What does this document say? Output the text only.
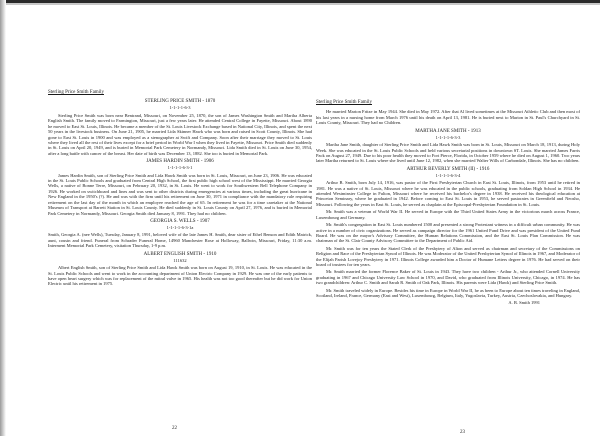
Sterling Price Smith Family
STERLING PRICE SMITH - 1870
1-1-1-1-6-3

Sterling Price Smith was born near Bentrand, Missouri, on November 25, 1870, the son of James Washington Smith and Martha Alberta English Smith. The family moved to Farmington, Missouri, just a few years later. He attended Central College in Fayette, Missouri. About 1890 he moved to East St. Louis, Illinois. He became a member of the St. Louis Livestock Exchange based in National City, Illinois, and spent the next 50 years in the livestock business. On June 21, 1905, he married Lida Skinner Hawk who was born and raised in Scott County, Illinois. She had gone to East St. Louis in 1900 and was employed as a stenographer at Swift and Company. Soon after their marriage they moved to St. Louis where they lived all the rest of their lives except for a brief period in World War I when they lived in Fayette, Missouri. Price Smith died suddenly in St. Louis on April 20, 1949, and is buried in Memorial Park Cemetery in Normandy, Missouri. Lida Smith died in St. Louis on June 30, 1954, after a long battle with cancer of the breast. Her date of birth was December 13, 1882. She too is buried in Memorial Park.

JAMES HARDIN SMITH - 1906
1-1-1-1-6-3-1

James Hardin Smith, son of Sterling Price Smith and Lida Hawk Smith was born in St. Louis, Missouri, on June 23, 1906. He was educated in the St. Louis Public Schools and graduated from Central High School, the first public high school west of the Mississippi. He married Georgia Wells, a native of Bonne Terre, Missouri, on February 20, 1932, in St. Louis. He went to work for Southwestern Bell Telephone Company in 1926. He worked on switchboard and lines and was sent to other districts during emergencies at various times, including the great hurricane in New England in the 1950's (?). He and was with the firm until his retirement on June 30, 1971 in compliance with the mandatory rule requiring retirement on the last day of the month in which an employee reached the age of 65. In retirement he was for a time caretaker at the National Museum of Transport at Barrett Station in St. Louis County. He died suddenly in St. Louis County on April 27, 1976, and is buried in Memorial Park Cemetery in Normandy, Missouri. Georgia Smith died January 8, 1991. They had no children.

GEORGIA S. WELLS - 1907
1-1-1-1-6-3-1a

Smith, Georgia A. (nee Wells), Tuesday, January 8, 1991, beloved wife of the late James H. Smith, dear sister of Ethel Benson and Edith Matrick, aunt, cousin and friend. Funeral from Schrader Funeral Home, 14960 Manchester Rose at Holloway, Ballwin, Missouri, Friday, 11:30 a.m. Interment Memorial Park Cemetery, visitation Thursday, 1-9 p.m.

ALBERT ENGLISH SMITH - 1910
111632

Albert English Smith, son of Sterling Price Smith and Lida Hawk Smith was born on August 19, 1910, in St. Louis. He was educated in the St. Louis Public Schools and went to work in the accounting department of Union Electric Company in 1929. He was one of the early patients to have open heart surgery which was for replacement of the mitral valve in 1965. His health was not too good thereafter but he did work for Union Electric until his retirement in 1975.

22
Sterling Price Smith Family

He married Marion Fritze in May 1944. She died in May 1972. After that Al lived sometimes at the Missouri Athletic Club and then most of his last years in a nursing home from March 1976 until his death on April 13, 1981. He is buried next to Marion in St. Paul's Churchyard in St. Louis County, Missouri. They had no Children.

MARTHA JANE SMITH - 1913
1-1-1-1-6-3-3

Martha Jane Smith, daughter of Sterling Price Smith and Lida Hawk Smith was born in St. Louis, Missouri on March 18, 1913, during Holy Week. She was educated in the St. Louis Public Schools and held various secretarial positions in downtown ST. Louis. She married James Farris Pack on August 27, 1949. Due to his poor health they moved to Fort Pierce, Florida, in October 1959 where he died on August 1, 1960. Two years later Martha returned to St. Louis where she lived until June 12, 1982, when she married Walter Wills of Carbondale, Illinois. She has no children.

ARTHUR BEVERLY SMITH (II) - 1916
1-1-1-1-6-3-4

Arthur B. Smith, born July 14, 1916, was pastor of the First Presbyterian Church in East St. Louis, Illinois, from 1953 until he retired in 1981. He was a native of St. Louis, Missouri where he was educated in the public schools, graduating from Soldan High School in 1934. He attended Westminster College in Fulton, Missouri where he received his bachelor's degree in 1938. He received his theological education at Princeton Seminary, where he graduated in 1942. Before coming to East St. Louis in 1953, he served pastorates in Greenfield and Neosho, Missouri. Following the years in East St. Louis, he served as chaplain at the Episcopal-Presbyterian Foundation in St. Louis.

Mr. Smith was a veteran of World War II. He served in Europe with the Third United States Army in the victorious march across France, Luxembourg and Germany.

Mr. Smith's congregation in East St. Louis numbered 1500 and presented a strong Protestant witness in a difficult urban community. He was active in a number of civic organizations. He served as campaign director for the 1961 United Fund Drive and was president of the United Fund Board. He was on the mayor's Advisory Committee, the Human Relations Commission, and the East St. Louis Plan Commission. He was chairman of the St. Clair County Advisory Committee to the Department of Public Aid.

Mr. Smith was for ten years the Stated Clerk of the Presbytery of Alton and served as chairman and secretary of the Commissions on Religion and Race of the Presbyterian Synod of Illinois. He was Moderator of the United Presbyterian Synod of Illinois in 1967, and Moderator of the Elijah Parish Lovejoy Presbytery in 1971. Illinois College awarded him a Doctor of Humane Letters degree in 1976. He had served on their board of trustees for ten years.

Mr. Smith married the former Florence Baker of St. Louis in 1943. They have two children - Arthur Jr., who attended Cornell University graduating in 1967 and Chicago University Law School in 1970, and David, who graduated from Illinois University, Chicago, in 1974. He has two grandchildren: Arthur C. Smith and Sarah R. Smith of Oak Park, Illinois. His parents were Lida (Hawk) and Sterling Price Smith.

Mr. Smith traveled widely in Europe. Besides his time in Europe in World War II, he as been to Europe about ten times traveling in England, Scotland, Ireland, France, Germany (East and West), Luxembourg, Belgium, Italy, Yugoslavia, Turkey, Austria, Czechoslovakia, and Hungary.

A. B. Smith 1991
23
